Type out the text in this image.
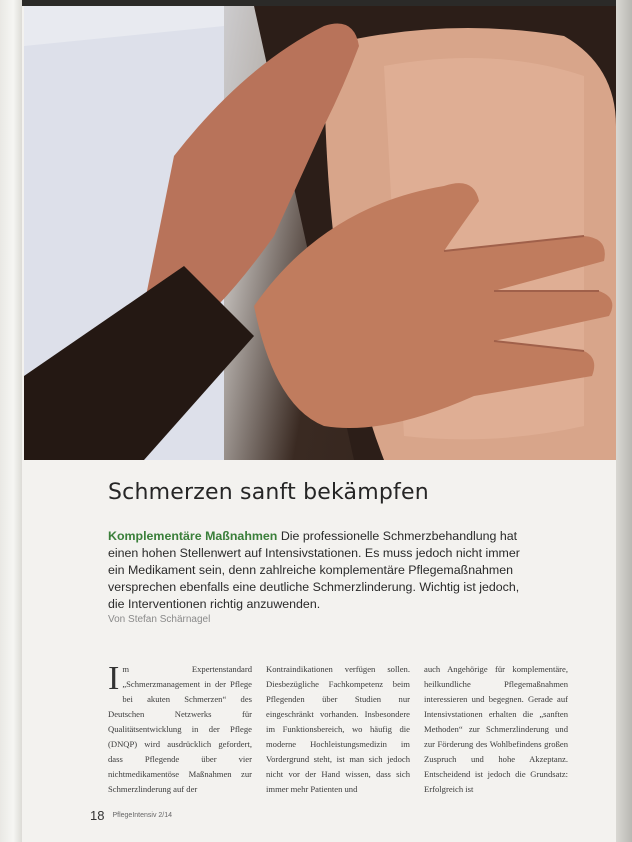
Schmerzen sanft bekämpfen

Komplementäre Maßnahmen Die professionelle Schmerzbehandlung hat einen hohen Stellenwert auf Intensivstationen. Es muss jedoch nicht immer ein Medikament sein, denn zahlreiche komplementäre Pflegemaßnahmen versprechen ebenfalls eine deutliche Schmerzlinderung. Wichtig ist jedoch, die Interventionen richtig anzuwenden.

Von Stefan Schärnagel

Im Expertenstandard „Schmerzmanagement in der Pflege bei akuten Schmerzen“ des Deutschen Netzwerks für Qualitätsentwicklung in der Pflege (DNQP) wird ausdrücklich gefordert, dass Pflegende über vier nichtmedikamentöse Maßnahmen zur Schmerzlinderung auf der

Kontraindikationen verfügen sollen. Diesbezügliche Fachkompetenz beim Pflegenden über Studien nur eingeschränkt vorhanden. Insbesondere im Funktionsbereich, wo häufig die moderne Hochleistungsmedizin im Vordergrund steht, ist man sich jedoch nicht vor der Hand wissen, dass sich immer mehr Patienten und

auch Angehörige für komplementäre, heilkundliche Pflegemaßnahmen interessieren und begegnen. Gerade auf Intensivstationen erhalten die „sanften Methoden“ zur Schmerzlinderung und zur Förderung des Wohlbefindens großen Zuspruch und hohe Akzeptanz. Entscheidend ist jedoch die Grundsatz: Erfolgreich ist

18 PflegeIntensiv 2/14
